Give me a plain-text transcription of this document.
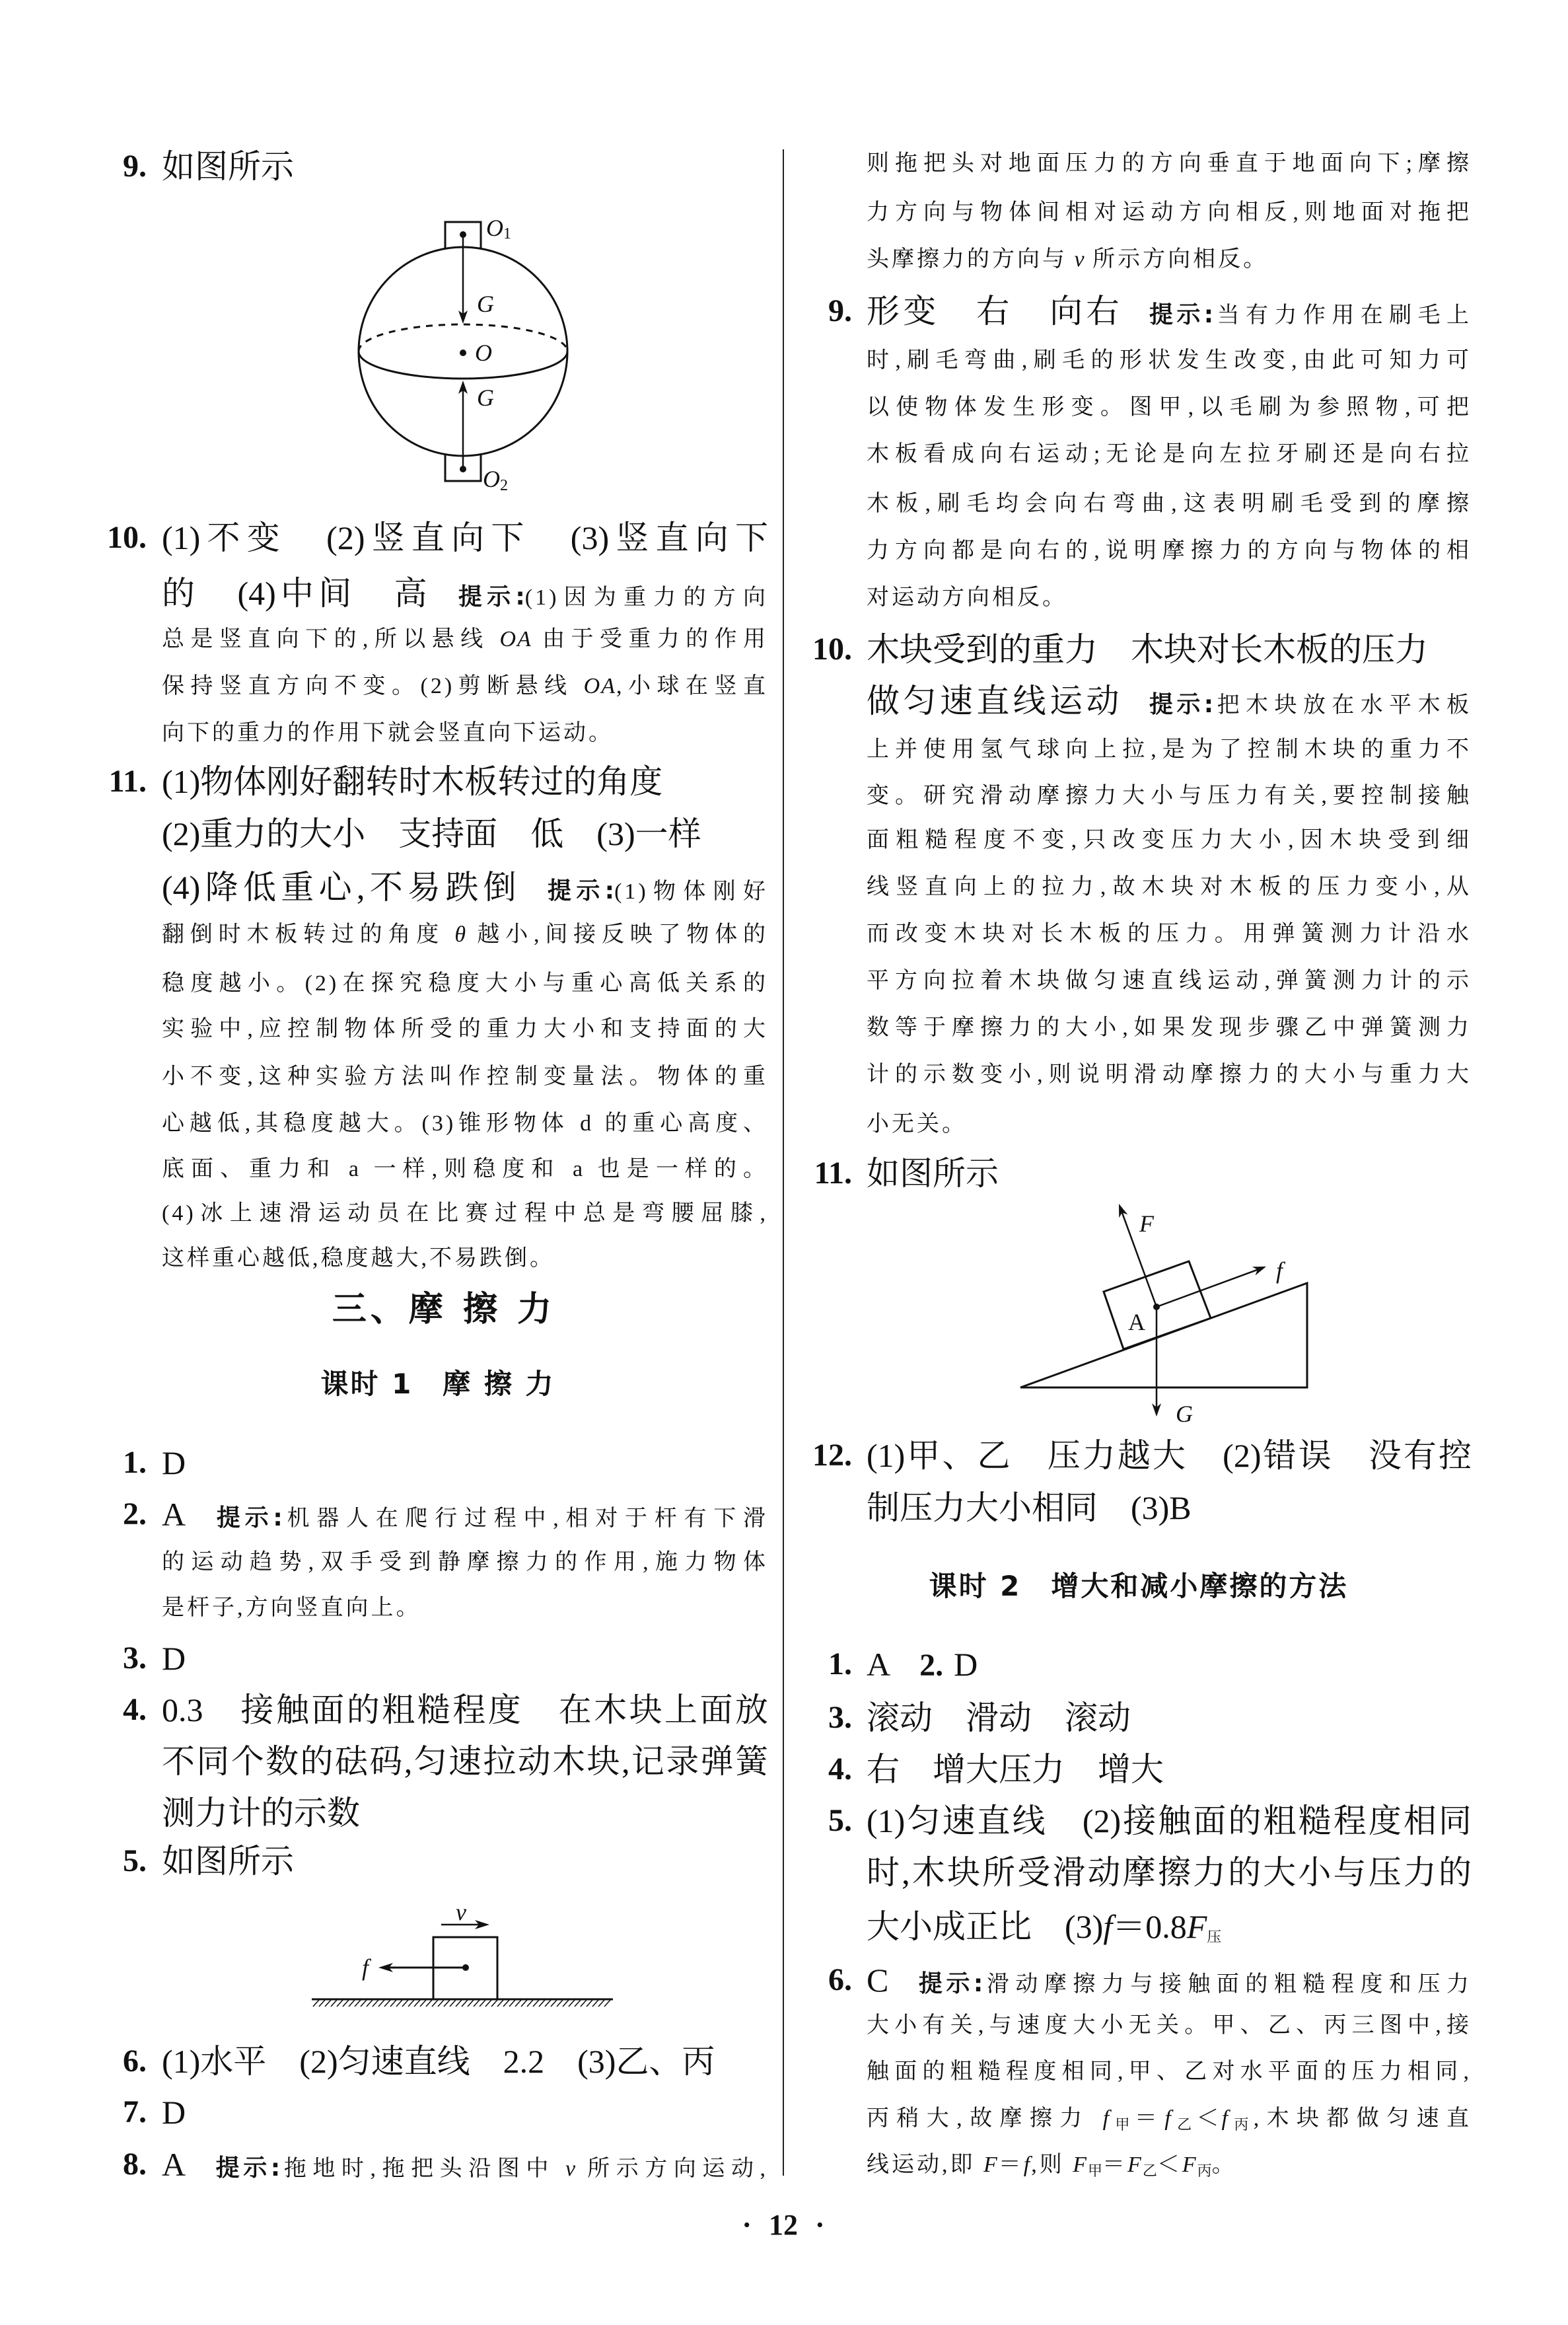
9. 如图所示
10. (1)不变　(2)竖直向下　(3)竖直向下
的　(4)中间　高 提示:(1)因为重力的方向
总是竖直向下的,所以悬线 OA 由于受重力的作用
保持竖直方向不变。(2)剪断悬线 OA,小球在竖直
向下的重力的作用下就会竖直向下运动。
11. (1)物体刚好翻转时木板转过的角度
(2)重力的大小　支持面　低　(3)一样
(4)降低重心,不易跌倒 提示:(1)物体刚好
翻倒时木板转过的角度 θ 越小,间接反映了物体的
稳度越小。(2)在探究稳度大小与重心高低关系的
实验中,应控制物体所受的重力大小和支持面的大
小不变,这种实验方法叫作控制变量法。物体的重
心越低,其稳度越大。(3)锥形物体 d 的重心高度、
底面、重力和 a 一样,则稳度和 a 也是一样的。
(4)冰上速滑运动员在比赛过程中总是弯腰屈膝,
这样重心越低,稳度越大,不易跌倒。
三、摩 擦 力
课时 1　摩 擦 力
1. D
2. A 提示:机器人在爬行过程中,相对于杆有下滑
的运动趋势,双手受到静摩擦力的作用,施力物体
是杆子,方向竖直向上。
3. D
4. 0.3　接触面的粗糙程度　在木块上面放
不同个数的砝码,匀速拉动木块,记录弹簧
测力计的示数
5. 如图所示
6. (1)水平　(2)匀速直线　2.2　(3)乙、丙
7. D
8. A 提示:拖地时,拖把头沿图中 v 所示方向运动,
则拖把头对地面压力的方向垂直于地面向下;摩擦
力方向与物体间相对运动方向相反,则地面对拖把
头摩擦力的方向与 v 所示方向相反。
9. 形变　右　向右 提示:当有力作用在刷毛上
时,刷毛弯曲,刷毛的形状发生改变,由此可知力可
以使物体发生形变。图甲,以毛刷为参照物,可把
木板看成向右运动;无论是向左拉牙刷还是向右拉
木板,刷毛均会向右弯曲,这表明刷毛受到的摩擦
力方向都是向右的,说明摩擦力的方向与物体的相
对运动方向相反。
10. 木块受到的重力　木块对长木板的压力
做匀速直线运动 提示:把木块放在水平木板
上并使用氢气球向上拉,是为了控制木块的重力不
变。研究滑动摩擦力大小与压力有关,要控制接触
面粗糙程度不变,只改变压力大小,因木块受到细
线竖直向上的拉力,故木块对木板的压力变小,从
而改变木块对长木板的压力。用弹簧测力计沿水
平方向拉着木块做匀速直线运动,弹簧测力计的示
数等于摩擦力的大小,如果发现步骤乙中弹簧测力
计的示数变小,则说明滑动摩擦力的大小与重力大
小无关。
11. 如图所示
12. (1)甲、乙　压力越大　(2)错误　没有控
制压力大小相同　(3)B
课时 2　增大和减小摩擦的方法
1. A 2. D
3. 滚动　滑动　滚动
4. 右　增大压力　增大
5. (1)匀速直线　(2)接触面的粗糙程度相同
时,木块所受滑动摩擦力的大小与压力的
大小成正比　(3)f＝0.8F压
6. C 提示:滑动摩擦力与接触面的粗糙程度和压力
大小有关,与速度大小无关。甲、乙、丙三图中,接
触面的粗糙程度相同,甲、乙对水平面的压力相同,
丙稍大,故摩擦力 f甲＝f乙＜f丙,木块都做匀速直
线运动,即 F＝f,则 F甲＝F乙＜F丙。
O1
G
O
G
O2
v
f
F
f
A
G
· 12 ·
